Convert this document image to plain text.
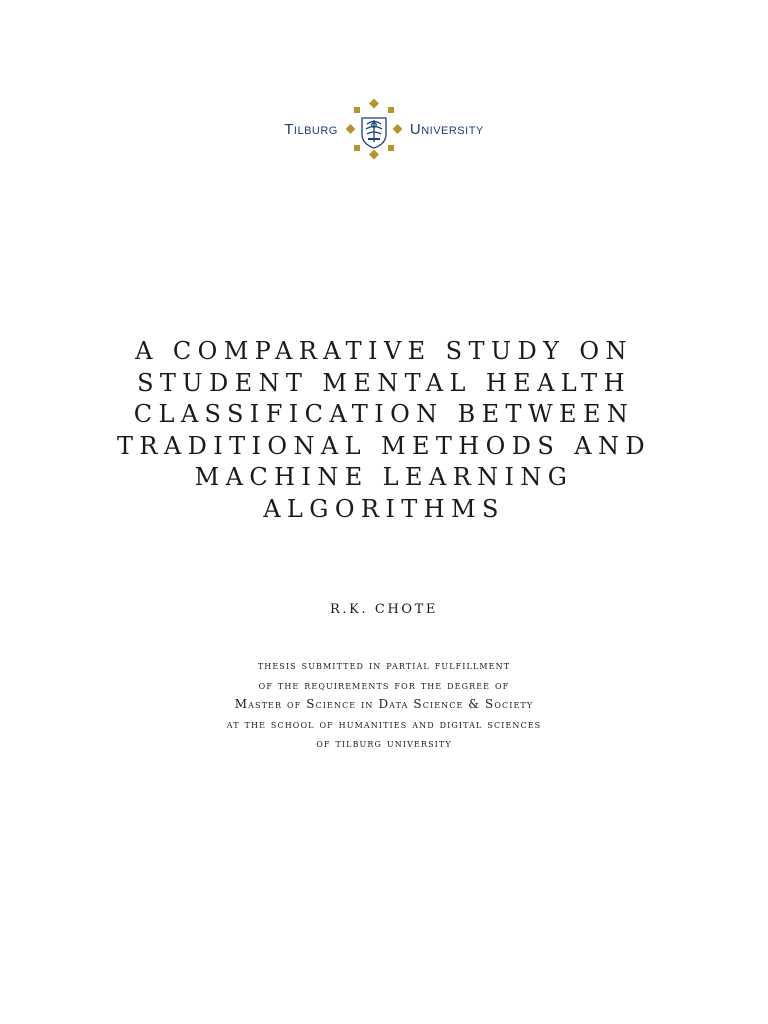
Tilburg	University
A COMPARATIVE STUDY ON
STUDENT MENTAL HEALTH
CLASSIFICATION BETWEEN
TRADITIONAL METHODS AND
MACHINE LEARNING
ALGORITHMS
R.K. CHOTE
thesis submitted in partial fulfillment
of the requirements for the degree of
Master of Science in Data Science & Society
at the school of humanities and digital sciences
of tilburg university
